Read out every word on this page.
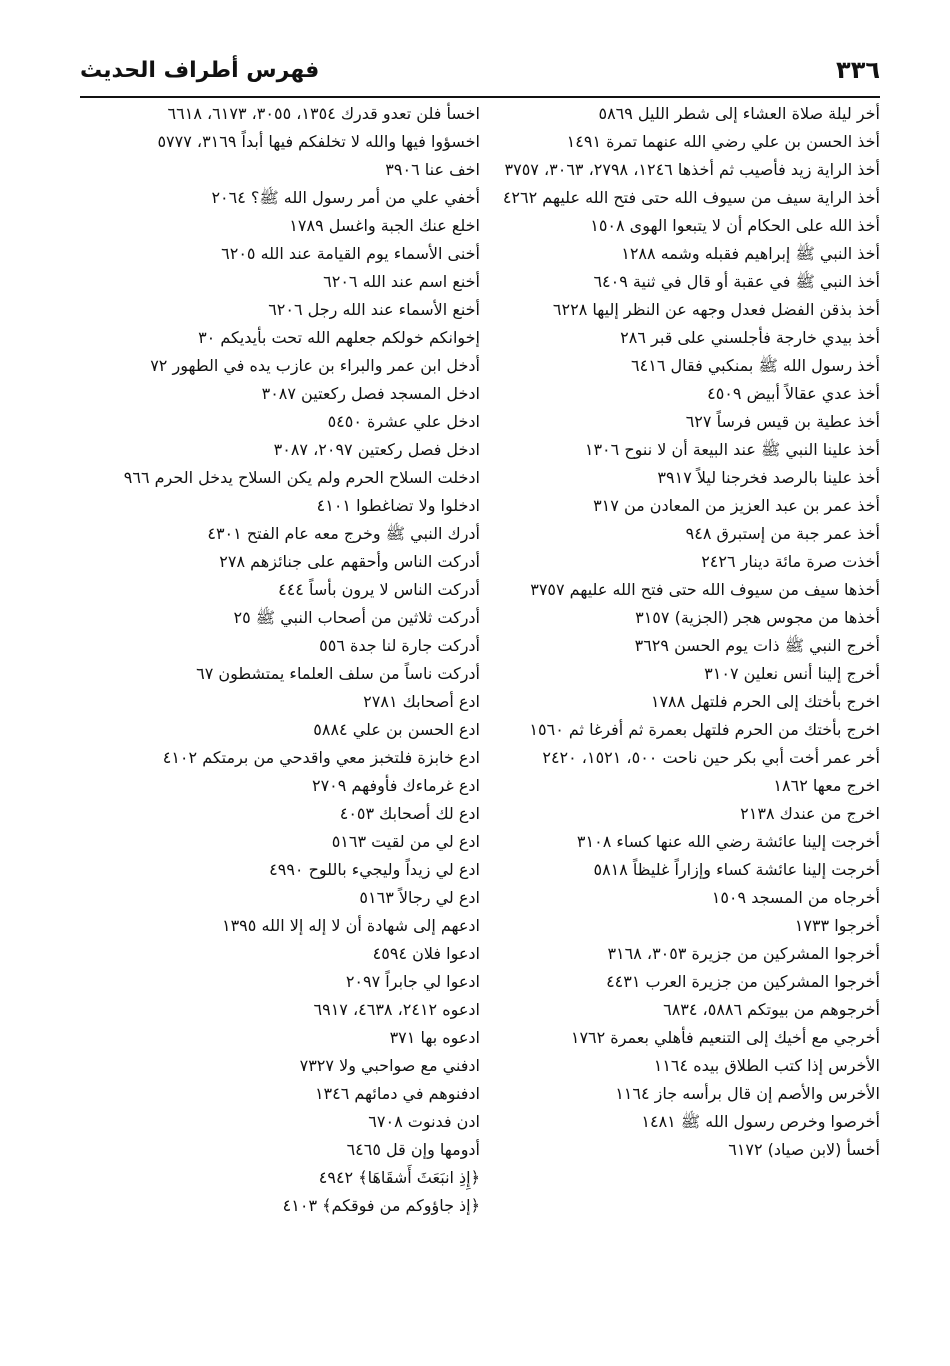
٣٣٦
فهرس أطراف الحديث
أخر ليلة صلاة العشاء إلى شطر الليل ٥٨٦٩
أخذ الحسن بن علي رضي الله عنهما تمرة ١٤٩١
أخذ الراية زيد فأصيب ثم أخذها ١٢٤٦، ٢٧٩٨، ٣٠٦٣، ٣٧٥٧
أخذ الراية سيف من سيوف الله حتى فتح الله عليهم ٤٢٦٢
أخذ الله على الحكام أن لا يتبعوا الهوى ١٥٠٨
أخذ النبي ﷺ إبراهيم فقبله وشمه ١٢٨٨
أخذ النبي ﷺ في عقبة أو قال في ثنية ٦٤٠٩
أخذ بذقن الفضل فعدل وجهه عن النظر إليها ٦٢٢٨
أخذ بيدي خارجة فأجلسني على قبر ٢٨٦
أخذ رسول الله ﷺ بمنكبي فقال ٦٤١٦
أخذ عدي عقالاً أبيض ٤٥٠٩
أخذ عطية بن قيس فرساً ٦٢٧
أخذ علينا النبي ﷺ عند البيعة أن لا ننوح ١٣٠٦
أخذ علينا بالرصد فخرجنا ليلاً ٣٩١٧
أخذ عمر بن عبد العزيز من المعادن من ٣١٧
أخذ عمر جبة من إستبرق ٩٤٨
أخذت صرة مائة دينار ٢٤٢٦
أخذها سيف من سيوف الله حتى فتح الله عليهم ٣٧٥٧
أخذها من مجوس هجر (الجزية) ٣١٥٧
أخرج النبي ﷺ ذات يوم الحسن ٣٦٢٩
أخرج إلينا أنس نعلين ٣١٠٧
اخرج بأختك إلى الحرم فلتهل ١٧٨٨
اخرج بأختك من الحرم فلتهل بعمرة ثم أفرغا ثم ١٥٦٠
أخر عمر أخت أبي بكر حين ناحت ٥٠٠، ١٥٢١، ٢٤٢٠
اخرج معها ١٨٦٢
اخرج من عندك ٢١٣٨
أخرجت إلينا عائشة رضي الله عنها كساء ٣١٠٨
أخرجت إلينا عائشة كساء وإزاراً غليظاً ٥٨١٨
أخرجاه من المسجد ١٥٠٩
أخرجوا ١٧٣٣
أخرجوا المشركين من جزيرة ٣٠٥٣، ٣١٦٨
أخرجوا المشركين من جزيرة العرب ٤٤٣١
أخرجوهم من بيوتكم ٥٨٨٦، ٦٨٣٤
أخرجي مع أخيك إلى التنعيم فأهلي بعمرة ١٧٦٢
الأخرس إذا كتب الطلاق بيده ١١٦٤
الأخرس والأصم إن قال برأسه جاز ١١٦٤
أخرصوا وخرص رسول الله ﷺ ١٤٨١
أخسأ (لابن صياد) ٦١٧٢
اخسأ فلن تعدو قدرك ١٣٥٤، ٣٠٥٥، ٦١٧٣، ٦٦١٨
اخسؤوا فيها والله لا تخلفكم فيها أبداً ٣١٦٩، ٥٧٧٧
اخف عنا ٣٩٠٦
أخفي علي من أمر رسول الله ﷺ؟ ٢٠٦٤
اخلع عنك الجبة واغسل ١٧٨٩
أخنى الأسماء يوم القيامة عند الله ٦٢٠٥
أخنع اسم عند الله ٦٢٠٦
أخنع الأسماء عند الله رجل ٦٢٠٦
إخوانكم خولكم جعلهم الله تحت بأيديكم ٣٠
أدخل ابن عمر والبراء بن عازب يده في الطهور ٧٢
ادخل المسجد فصل ركعتين ٣٠٨٧
ادخل علي عشرة ٥٤٥٠
ادخل فصل ركعتين ٢٠٩٧، ٣٠٨٧
ادخلت السلاح الحرم ولم يكن السلاح يدخل الحرم ٩٦٦
ادخلوا ولا تضاغطوا ٤١٠١
أدرك النبي ﷺ وخرج معه عام الفتح ٤٣٠١
أدركت الناس وأحقهم على جنائزهم ٢٧٨
أدركت الناس لا يرون بأساً ٤٤٤
أدركت ثلاثين من أصحاب النبي ﷺ ٢٥
أدركت جارة لنا جدة ٥٥٦
أدركت ناساً من سلف العلماء يمتشطون ٦٧
ادع أصحابك ٢٧٨١
ادع الحسن بن علي ٥٨٨٤
ادع خابزة فلتخبز معي واقدحي من برمتكم ٤١٠٢
ادع غرماءك فأوفهم ٢٧٠٩
ادع لك أصحابك ٤٠٥٣
ادع لي من لقيت ٥١٦٣
ادع لي زيداً وليجيء باللوح ٤٩٩٠
ادع لي رجالاً ٥١٦٣
ادعهم إلى شهادة أن لا إله إلا الله ١٣٩٥
ادعوا فلان ٤٥٩٤
ادعوا لي جابراً ٢٠٩٧
ادعوه ٢٤١٢، ٤٦٣٨، ٦٩١٧
ادعوه بها ٣٧١
ادفني مع صواحبي ولا ٧٣٢٧
ادفنوهم في دمائهم ١٣٤٦
ادن فدنوت ٦٧٠٨
أدومها وإن قل ٦٤٦٥
﴿إِذِ انبَعَثَ أَشقَاهَا﴾ ٤٩٤٢
﴿إذ جاؤوكم من فوقكم﴾ ٤١٠٣
